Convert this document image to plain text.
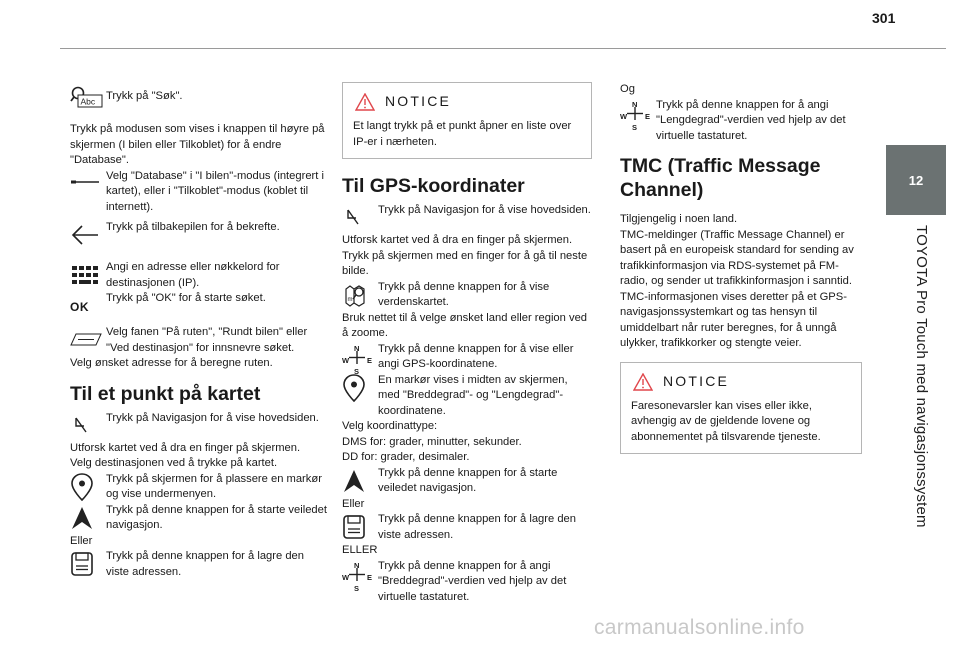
301
12
TOYOTA Pro Touch med navigasjonssystem
Abc Trykk på "Søk".

Trykk på modusen som vises i knappen til høyre på skjermen (I bilen eller Tilkoblet) for å endre "Database".

Velg "Database" i "I bilen"-modus (integrert i kartet), eller i "Tilkoblet"-modus (koblet til internett).

Trykk på tilbakepilen for å bekrefte.

Angi en adresse eller nøkkelord for destinasjonen (IP).

OK

Trykk på "OK" for å starte søket.

Velg fanen "På ruten", "Rundt bilen" eller "Ved destinasjon" for innsnevre søket.

Velg ønsket adresse for å beregne ruten.

Til et punkt på kartet

Trykk på Navigasjon for å vise hovedsiden.

Utforsk kartet ved å dra en finger på skjermen.

Velg destinasjonen ved å trykke på kartet.

Trykk på skjermen for å plassere en markør og vise undermenyen.

Trykk på denne knappen for å starte veiledet navigasjon.

Eller

Trykk på denne knappen for å lagre den viste adressen.

NOTICE

Et langt trykk på et punkt åpner en liste over IP-er i nærheten.

Til GPS-koordinater

Trykk på Navigasjon for å vise hovedsiden.

Utforsk kartet ved å dra en finger på skjermen.

Trykk på skjermen med en finger for å gå til neste bilde.

m

Trykk på denne knappen for å vise verdenskartet.

Bruk nettet til å velge ønsket land eller region ved å zoome.

N
W E
S

Trykk på denne knappen for å vise eller angi GPS-koordinatene.

En markør vises i midten av skjermen, med "Breddegrad"- og "Lengdegrad"-koordinatene.

Velg koordinattype:

DMS for: grader, minutter, sekunder.

DD for: grader, desimaler.

Trykk på denne knappen for å starte veiledet navigasjon.

Eller

Trykk på denne knappen for å lagre den viste adressen.

ELLER

N
W E
S

Trykk på denne knappen for å angi "Breddegrad"-verdien ved hjelp av det virtuelle tastaturet.

Og

N
W E
S

Trykk på denne knappen for å angi "Lengdegrad"-verdien ved hjelp av det virtuelle tastaturet.

TMC (Traffic Message Channel)

Tilgjengelig i noen land.

TMC-meldinger (Traffic Message Channel) er basert på en europeisk standard for sending av trafikkinformasjon via RDS-systemet på FM-radio, og sender ut trafikkinformasjon i sanntid.

TMC-informasjonen vises deretter på et GPS-navigasjonssystemkart og tas hensyn til umiddelbart når ruter beregnes, for å unngå ulykker, trafikkorker og stengte veier.

NOTICE

Faresonevarsler kan vises eller ikke, avhengig av de gjeldende lovene og abonnementet på tilsvarende tjeneste.

carmanualsonline.info
